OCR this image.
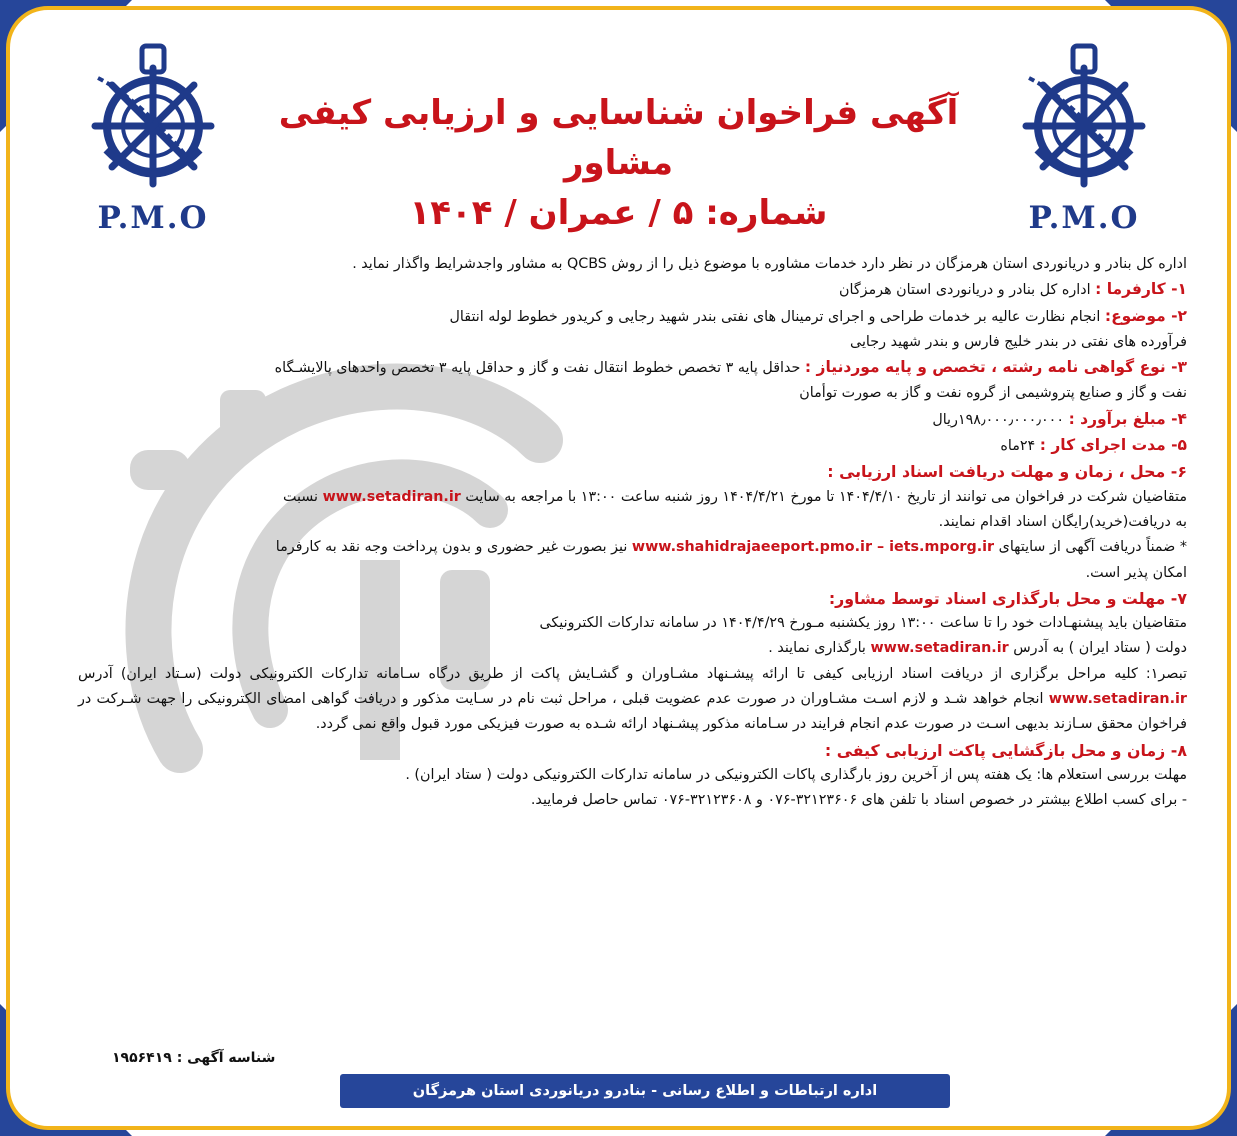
P.M.O	P.M.O
آگهی فراخوان شناسایی و ارزیابی کیفی مشاور
شماره: ۵ / عمران / ۱۴۰۴

اداره کل بنادر و دریانوردی استان هرمزگان در نظر دارد خدمات مشاوره با موضوع ذیل را از روش QCBS به مشاور واجدشرایط واگذار نماید .

۱- کارفرما : اداره کل بنادر و دریانوردی استان هرمزگان

۲- موضوع: انجام نظارت عالیه بر خدمات طراحی و اجرای ترمینال های نفتی بندر شهید رجایی و کریدور خطوط لوله انتقال

فرآورده های نفتی در بندر خلیج فارس و بندر شهید رجایی

۳- نوع گواهی نامه رشته ، تخصص و پایه موردنیاز : حداقل پایه ۳ تخصص خطوط انتقال نفت و گاز و حداقل پایه ۳ تخصص واحدهای پالایشـگاه

نفت و گاز و صنایع پتروشیمی از گروه نفت و گاز به صورت توأمان

۴- مبلغ برآورد : ۱۹۸٫۰۰۰٫۰۰۰٫۰۰۰ریال

۵- مدت اجرای کار : ۲۴ماه

۶- محل ، زمان و مهلت دریافت اسناد ارزیابی :

متقاضیان شرکت در فراخوان می توانند از تاریخ ۱۴۰۴/۴/۱۰ تا مورخ ۱۴۰۴/۴/۲۱ روز شنبه ساعت ۱۳:۰۰ با مراجعه به سایت www.setadiran.ir نسبت

به دریافت(خرید)رایگان اسناد اقدام نمایند.

* ضمناً دریافت آگهی از سایتهای www.shahidrajaeeport.pmo.ir – iets.mporg.ir نیز بصورت غیر حضوری و بدون پرداخت وجه نقد به کارفرما

امکان پذیر است.

۷- مهلت و محل بارگذاری اسناد توسط مشاور:

متقاضیان باید پیشنهـادات خود را تا ساعت ۱۳:۰۰ روز یکشنبه مـورخ ۱۴۰۴/۴/۲۹ در سامانه تدارکات الکترونیکی

دولت ( ستاد ایران ) به آدرس www.setadiran.ir بارگذاری نمایند .

تبصر۱: کلیه مراحل برگزاری از دریافت اسناد ارزیابی کیفی تا ارائه پیشـنهاد مشـاوران و گشـایش پاکت از طریق درگاه سـامانه تدارکات الکترونیکی دولت (سـتاد ایران) آدرس www.setadiran.ir انجام خواهد شـد و لازم اسـت مشـاوران در صورت عدم عضویت قبلی ، مراحل ثبت نام در سـایت مذکور و دریافت گواهی امضای الکترونیکی را جهت شـرکت در فراخوان محقق سـازند بدیهی اسـت در صورت عدم انجام فرایند در سـامانه مذکور پیشـنهاد ارائه شـده به صورت فیزیکی مورد قبول واقع نمی گردد.

۸- زمان و محل بازگشایی پاکت ارزیابی کیفی :

مهلت بررسی استعلام ها: یک هفته پس از آخرین روز بارگذاری پاکات الکترونیکی در سامانه تدارکات الکترونیکی دولت ( ستاد ایران) .

- برای کسب اطلاع بیشتر در خصوص اسناد با تلفن های ۳۲۱۲۳۶۰۶-۰۷۶ و ۳۲۱۲۳۶۰۸-۰۷۶ تماس حاصل فرمایید.

شناسه آگهی : ۱۹۵۶۴۱۹
اداره ارتباطات و اطلاع رسانی - بنادرو دریانوردی استان هرمزگان
